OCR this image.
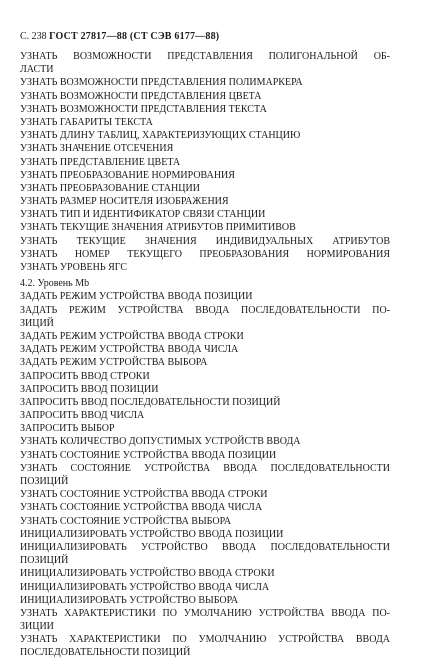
С. 238 ГОСТ 27817—88 (СТ СЭВ 6177—88)
УЗНАТЬ ВОЗМОЖНОСТИ ПРЕДСТАВЛЕНИЯ ПОЛИГОНАЛЬНОЙ ОБ-
ЛАСТИ
УЗНАТЬ ВОЗМОЖНОСТИ ПРЕДСТАВЛЕНИЯ ПОЛИМАРКЕРА
УЗНАТЬ ВОЗМОЖНОСТИ ПРЕДСТАВЛЕНИЯ ЦВЕТА
УЗНАТЬ ВОЗМОЖНОСТИ ПРЕДСТАВЛЕНИЯ ТЕКСТА
УЗНАТЬ ГАБАРИТЫ ТЕКСТА
УЗНАТЬ ДЛИНУ ТАБЛИЦ, ХАРАКТЕРИЗУЮЩИХ СТАНЦИЮ
УЗНАТЬ ЗНАЧЕНИЕ ОТСЕЧЕНИЯ
УЗНАТЬ ПРЕДСТАВЛЕНИЕ ЦВЕТА
УЗНАТЬ ПРЕОБРАЗОВАНИЕ НОРМИРОВАНИЯ
УЗНАТЬ ПРЕОБРАЗОВАНИЕ СТАНЦИИ
УЗНАТЬ РАЗМЕР НОСИТЕЛЯ ИЗОБРАЖЕНИЯ
УЗНАТЬ ТИП И ИДЕНТИФИКАТОР СВЯЗИ СТАНЦИИ
УЗНАТЬ ТЕКУЩИЕ ЗНАЧЕНИЯ АТРИБУТОВ ПРИМИТИВОВ
УЗНАТЬ ТЕКУЩИЕ ЗНАЧЕНИЯ ИНДИВИДУАЛЬНЫХ АТРИБУТОВ
УЗНАТЬ НОМЕР ТЕКУЩЕГО ПРЕОБРАЗОВАНИЯ НОРМИРОВАНИЯ
УЗНАТЬ УРОВЕНЬ ЯГС
4.2. Уровень Mb
ЗАДАТЬ РЕЖИМ УСТРОЙСТВА ВВОДА ПОЗИЦИИ
ЗАДАТЬ РЕЖИМ УСТРОЙСТВА ВВОДА ПОСЛЕДОВАТЕЛЬНОСТИ ПО-
ЗИЦИЙ
ЗАДАТЬ РЕЖИМ УСТРОЙСТВА ВВОДА СТРОКИ
ЗАДАТЬ РЕЖИМ УСТРОЙСТВА ВВОДА ЧИСЛА
ЗАДАТЬ РЕЖИМ УСТРОЙСТВА ВЫБОРА
ЗАПРОСИТЬ ВВОД СТРОКИ
ЗАПРОСИТЬ ВВОД ПОЗИЦИИ
ЗАПРОСИТЬ ВВОД ПОСЛЕДОВАТЕЛЬНОСТИ ПОЗИЦИЙ
ЗАПРОСИТЬ ВВОД ЧИСЛА
ЗАПРОСИТЬ ВЫБОР
УЗНАТЬ КОЛИЧЕСТВО ДОПУСТИМЫХ УСТРОЙСТВ ВВОДА
УЗНАТЬ СОСТОЯНИЕ УСТРОЙСТВА ВВОДА ПОЗИЦИИ
УЗНАТЬ СОСТОЯНИЕ УСТРОЙСТВА ВВОДА ПОСЛЕДОВАТЕЛЬНОСТИ
ПОЗИЦИЙ
УЗНАТЬ СОСТОЯНИЕ УСТРОЙСТВА ВВОДА СТРОКИ
УЗНАТЬ СОСТОЯНИЕ УСТРОЙСТВА ВВОДА ЧИСЛА
УЗНАТЬ СОСТОЯНИЕ УСТРОЙСТВА ВЫБОРА
ИНИЦИАЛИЗИРОВАТЬ УСТРОЙСТВО ВВОДА ПОЗИЦИИ
ИНИЦИАЛИЗИРОВАТЬ УСТРОЙСТВО ВВОДА ПОСЛЕДОВАТЕЛЬНОСТИ
ПОЗИЦИЙ
ИНИЦИАЛИЗИРОВАТЬ УСТРОЙСТВО ВВОДА СТРОКИ
ИНИЦИАЛИЗИРОВАТЬ УСТРОЙСТВО ВВОДА ЧИСЛА
ИНИЦИАЛИЗИРОВАТЬ УСТРОЙСТВО ВЫБОРА
УЗНАТЬ ХАРАКТЕРИСТИКИ ПО УМОЛЧАНИЮ УСТРОЙСТВА ВВОДА ПО-
ЗИЦИИ
УЗНАТЬ ХАРАКТЕРИСТИКИ ПО УМОЛЧАНИЮ УСТРОЙСТВА ВВОДА
ПОСЛЕДОВАТЕЛЬНОСТИ ПОЗИЦИЙ
